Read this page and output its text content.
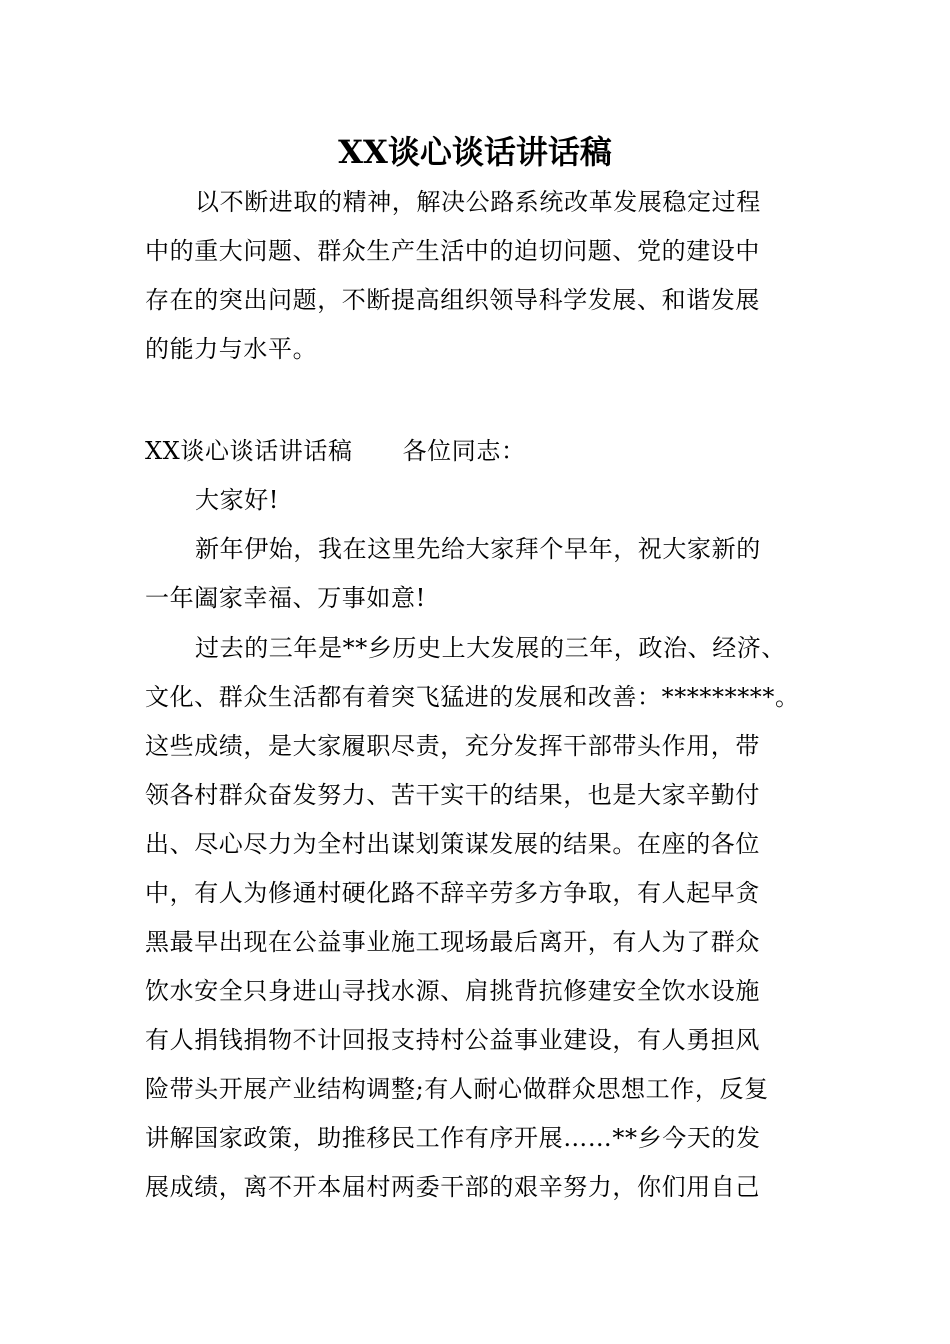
XX谈心谈话讲话稿
以不断进取的精神，解决公路系统改革发展稳定过程
中的重大问题、群众生产生活中的迫切问题、党的建设中
存在的突出问题，不断提高组织领导科学发展、和谐发展
的能力与水平。
XX谈心谈话讲话稿 各位同志：
大家好!
新年伊始，我在这里先给大家拜个早年，祝大家新的
一年阖家幸福、万事如意!
过去的三年是**乡历史上大发展的三年，政治、经济、
文化、群众生活都有着突飞猛进的发展和改善：*********。
这些成绩，是大家履职尽责，充分发挥干部带头作用，带
领各村群众奋发努力、苦干实干的结果，也是大家辛勤付
出、尽心尽力为全村出谋划策谋发展的结果。在座的各位
中，有人为修通村硬化路不辞辛劳多方争取，有人起早贪
黑最早出现在公益事业施工现场最后离开，有人为了群众
饮水安全只身进山寻找水源、肩挑背抗修建安全饮水设施
有人捐钱捐物不计回报支持村公益事业建设，有人勇担风
险带头开展产业结构调整;有人耐心做群众思想工作，反复
讲解国家政策，助推移民工作有序开展……**乡今天的发
展成绩，离不开本届村两委干部的艰辛努力，你们用自己
